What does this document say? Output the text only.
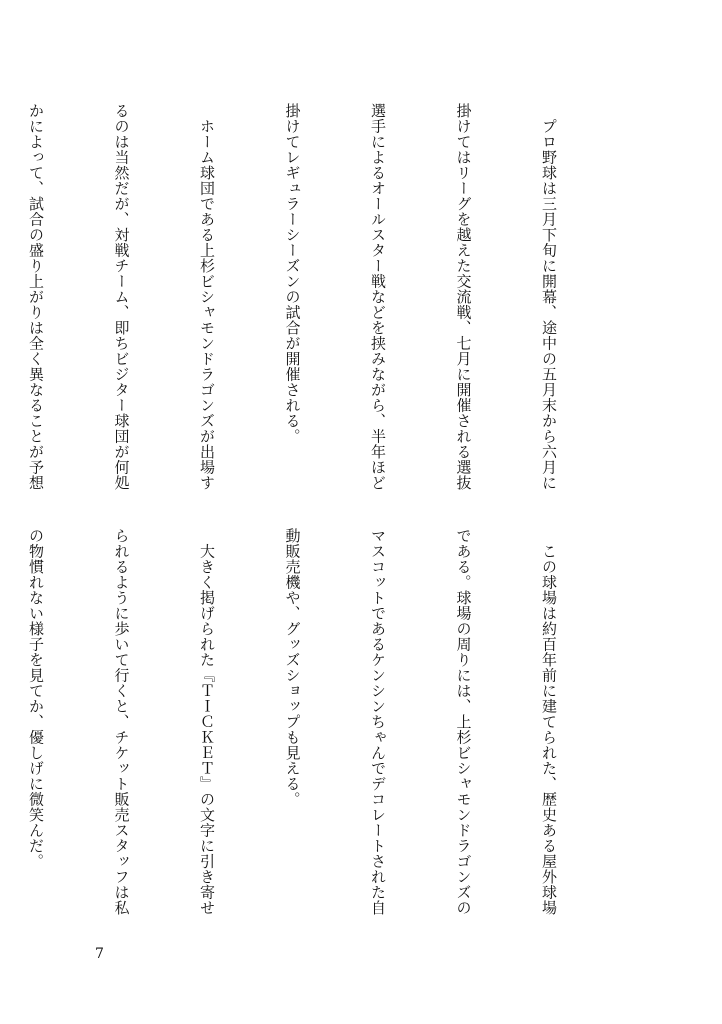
　プロ野球は三月下旬に開幕、途中の五月末から六月に

掛けてはリーグを越えた交流戦、七月に開催される選抜

選手によるオールスター戦などを挟みながら、半年ほど

掛けてレギュラーシーズンの試合が開催される。

　ホーム球団である上杉ビシャモンドラゴンズが出場す

るのは当然だが、対戦チーム、即ちビジター球団が何処

かによって、試合の盛り上がりは全く異なることが予想

　この球場は約百年前に建てられた、歴史ある屋外球場

である。球場の周りには、上杉ビシャモンドラゴンズの

マスコットであるケンシンちゃんでデコレートされた自

動販売機や、グッズショップも見える。

　大きく掲げられた『ＴＩＣＫＥＴ』の文字に引き寄せ

られるように歩いて行くと、チケット販売スタッフは私

の物慣れない様子を見てか、優しげに微笑んだ。

7
